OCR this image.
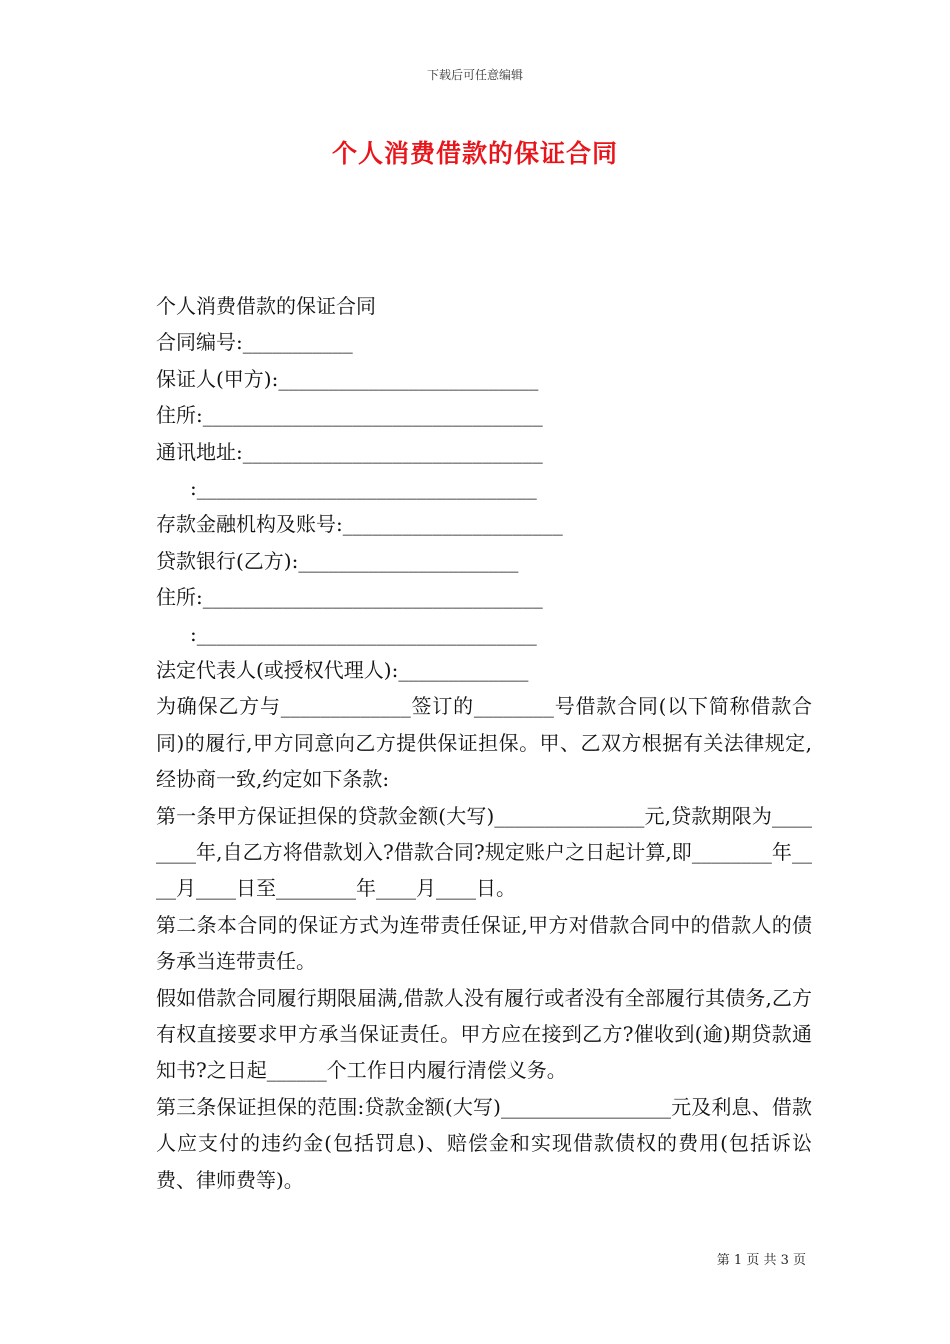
下载后可任意编辑
个人消费借款的保证合同
个人消费借款的保证合同
合同编号:___________
保证人(甲方):__________________________
住所:__________________________________
通讯地址:______________________________
:__________________________________
存款金融机构及账号:______________________
贷款银行(乙方):______________________
住所:__________________________________
:__________________________________
法定代表人(或授权代理人):_____________
为确保乙方与_____________签订的________号借款合同(以下简称借款合同)的履行,甲方同意向乙方提供保证担保。甲、乙双方根据有关法律规定,经协商一致,约定如下条款:
第一条甲方保证担保的贷款金额(大写)_______________元,贷款期限为________年,自乙方将借款划入?借款合同?规定账户之日起计算,即________年____月____日至________年____月____日。
第二条本合同的保证方式为连带责任保证,甲方对借款合同中的借款人的债务承当连带责任。
假如借款合同履行期限届满,借款人没有履行或者没有全部履行其债务,乙方有权直接要求甲方承当保证责任。甲方应在接到乙方?催收到(逾)期贷款通知书?之日起______个工作日内履行清偿义务。
第三条保证担保的范围:贷款金额(大写)_________________元及利息、借款人应支付的违约金(包括罚息)、赔偿金和实现借款债权的费用(包括诉讼费、律师费等)。
第 1 页 共 3 页
